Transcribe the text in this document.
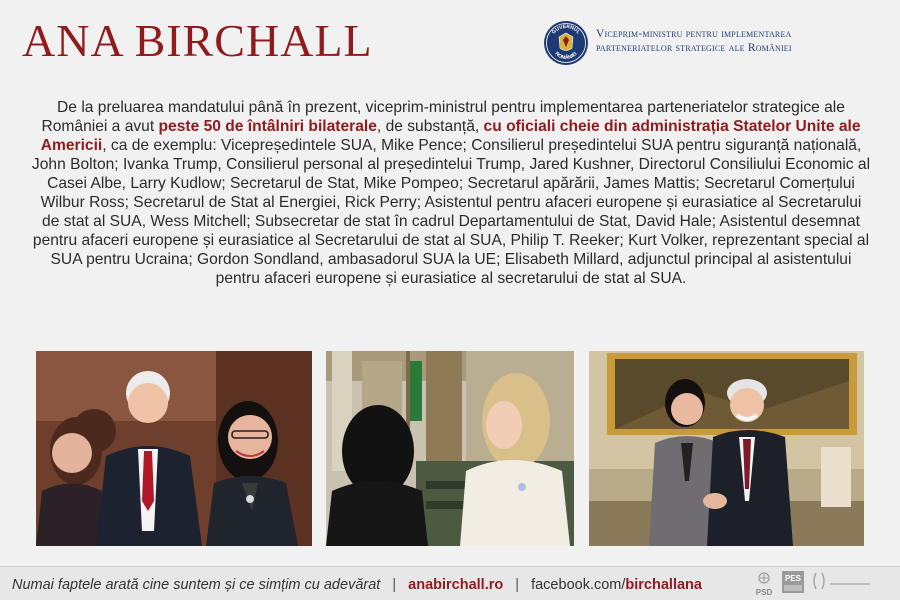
ANA BIRCHALL	GUVERNUL
ROMÂNIEI
Viceprim-ministru pentru implementarea
parteneriatelor strategice ale României
De la preluarea mandatului până în prezent, viceprim-ministrul pentru implementarea parteneriatelor strategice ale României a avut peste 50 de întâlniri bilaterale, de substanță, cu oficiali cheie din administrația Statelor Unite ale Americii, ca de exemplu: Vicepreședintele SUA, Mike Pence; Consilierul președintelui SUA pentru siguranță națională, John Bolton; Ivanka Trump, Consilierul personal al președintelui Trump, Jared Kushner, Directorul Consiliului Economic al Casei Albe, Larry Kudlow; Secretarul de Stat, Mike Pompeo; Secretarul apărării, James Mattis; Secretarul Comerțului Wilbur Ross; Secretarul de Stat al Energiei, Rick Perry; Asistentul pentru afaceri europene și eurasiatice al Secretarului de stat al SUA, Wess Mitchell; Subsecretar de stat în cadrul Departamentului de Stat, David Hale; Asistentul desemnat pentru afaceri europene și eurasiatice al Secretarului de stat al SUA, Philip T. Reeker; Kurt Volker, reprezentant special al SUA pentru Ucraina; Gordon Sondland, ambasadorul SUA la UE; Elisabeth Millard, adjunctul principal al asistentului pentru afaceri europene și eurasiatice al secretarului de stat al SUA.
Numai faptele arată cine suntem și ce simțim cu adevărat | anabirchall.ro | facebook.com/birchallana	PSD
PES
